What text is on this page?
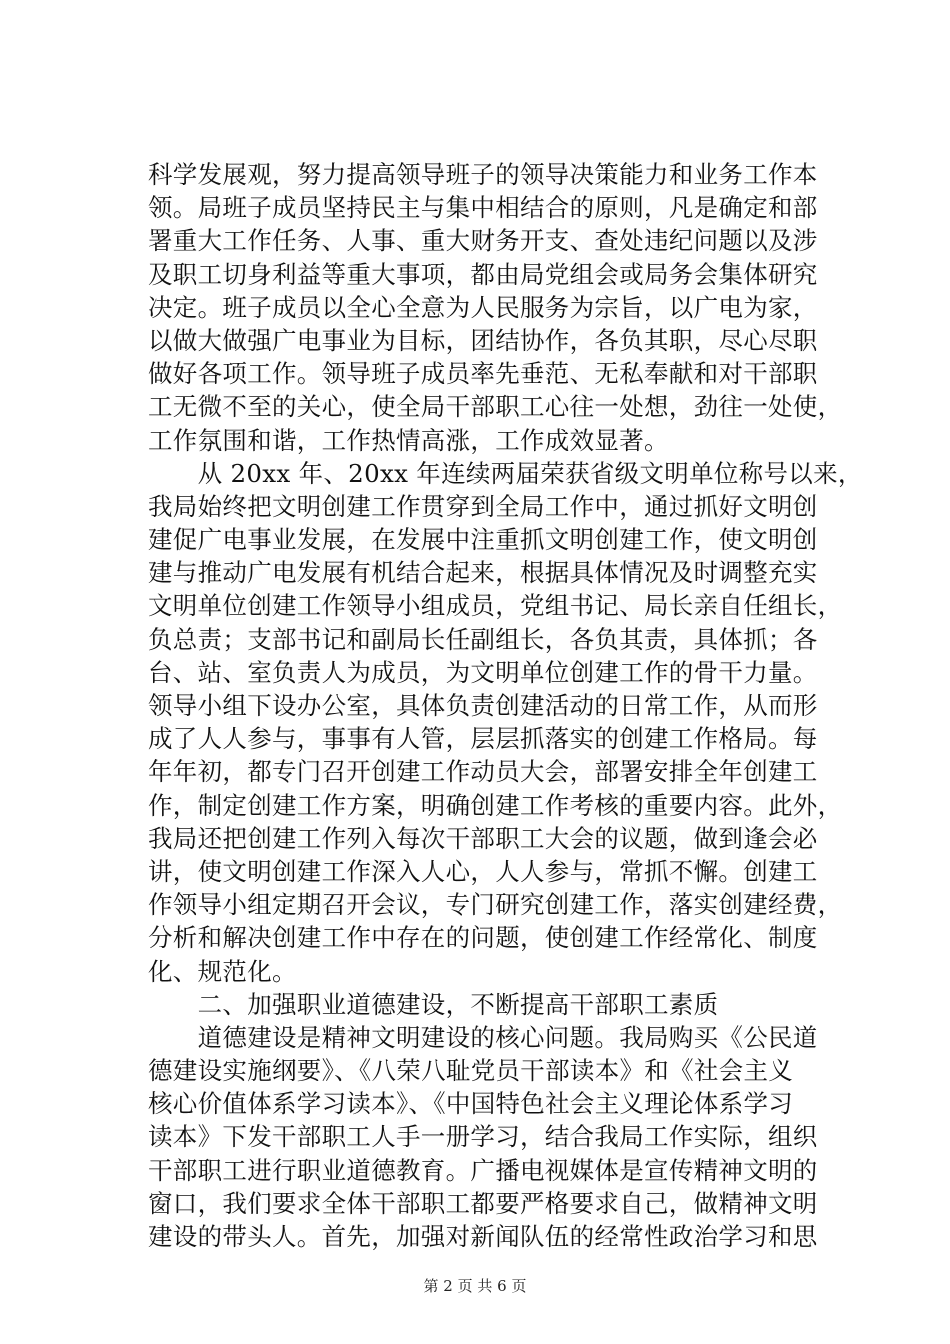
科学发展观，努力提高领导班子的领导决策能力和业务工作本
领。局班子成员坚持民主与集中相结合的原则，凡是确定和部
署重大工作任务、人事、重大财务开支、查处违纪问题以及涉
及职工切身利益等重大事项，都由局党组会或局务会集体研究
决定。班子成员以全心全意为人民服务为宗旨，以广电为家，
以做大做强广电事业为目标，团结协作，各负其职，尽心尽职
做好各项工作。领导班子成员率先垂范、无私奉献和对干部职
工无微不至的关心，使全局干部职工心往一处想，劲往一处使，
工作氛围和谐，工作热情高涨，工作成效显著。
　　从 20xx 年、20xx 年连续两届荣获省级文明单位称号以来，
我局始终把文明创建工作贯穿到全局工作中，通过抓好文明创
建促广电事业发展，在发展中注重抓文明创建工作，使文明创
建与推动广电发展有机结合起来，根据具体情况及时调整充实
文明单位创建工作领导小组成员，党组书记、局长亲自任组长，
负总责；支部书记和副局长任副组长，各负其责，具体抓；各
台、站、室负责人为成员，为文明单位创建工作的骨干力量。
领导小组下设办公室，具体负责创建活动的日常工作，从而形
成了人人参与，事事有人管，层层抓落实的创建工作格局。每
年年初，都专门召开创建工作动员大会，部署安排全年创建工
作，制定创建工作方案，明确创建工作考核的重要内容。此外，
我局还把创建工作列入每次干部职工大会的议题，做到逢会必
讲，使文明创建工作深入人心，人人参与，常抓不懈。创建工
作领导小组定期召开会议，专门研究创建工作，落实创建经费，
分析和解决创建工作中存在的问题，使创建工作经常化、制度
化、规范化。
　　二、加强职业道德建设，不断提高干部职工素质
　　道德建设是精神文明建设的核心问题。我局购买《公民道
德建设实施纲要》、《八荣八耻党员干部读本》和《社会主义
核心价值体系学习读本》、《中国特色社会主义理论体系学习
读本》下发干部职工人手一册学习，结合我局工作实际，组织
干部职工进行职业道德教育。广播电视媒体是宣传精神文明的
窗口，我们要求全体干部职工都要严格要求自己，做精神文明
建设的带头人。首先，加强对新闻队伍的经常性政治学习和思
第 2 页 共 6 页
